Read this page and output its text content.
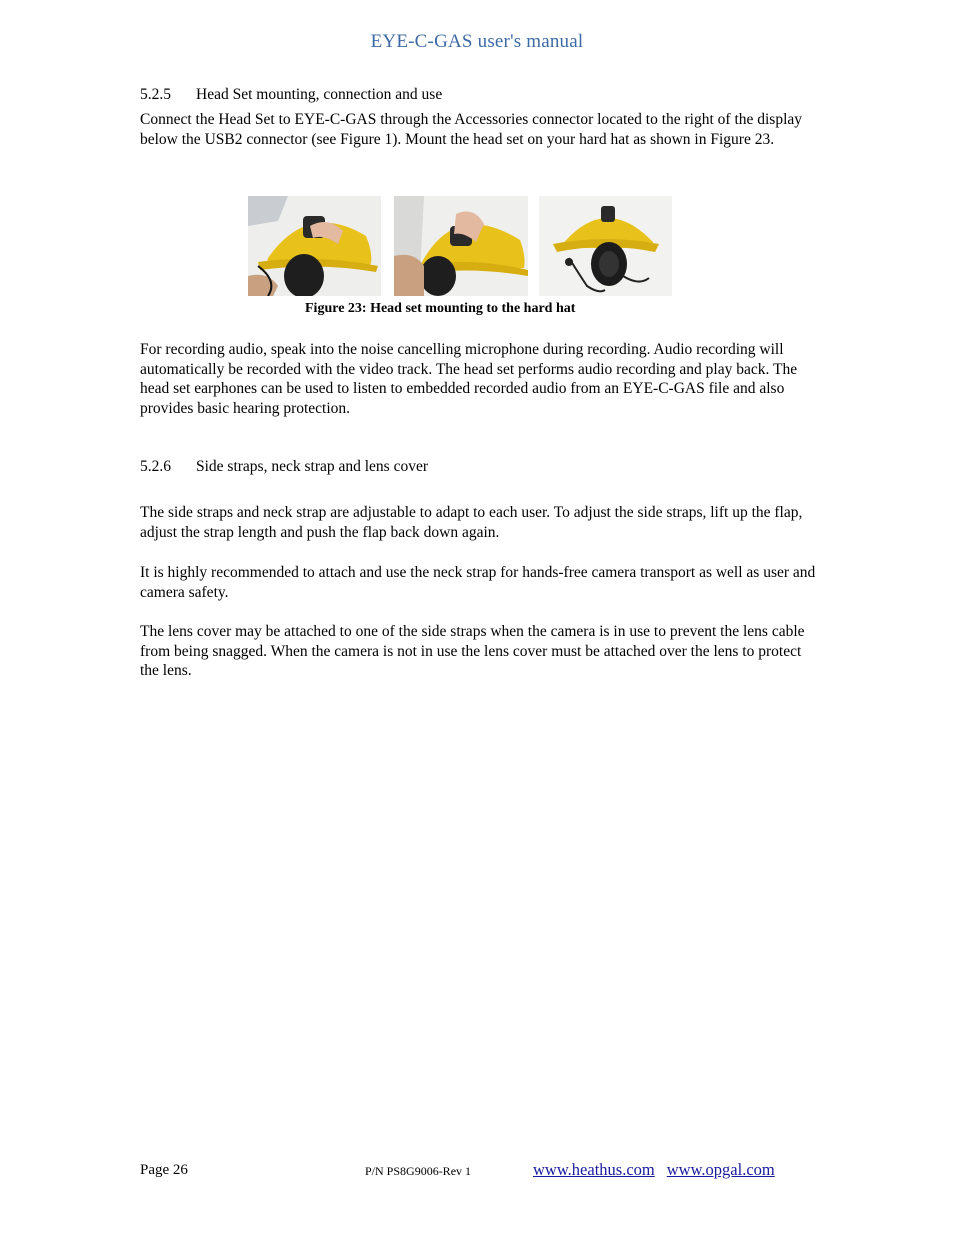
EYE-C-GAS user's manual
5.2.5 Head Set mounting, connection and use
Connect the Head Set to EYE-C-GAS through the Accessories connector located to the right of the display below the USB2 connector (see Figure 1). Mount the head set on your hard hat as shown in Figure 23.
Figure 23: Head set mounting to the hard hat
For recording audio, speak into the noise cancelling microphone during recording. Audio recording will automatically be recorded with the video track. The head set performs audio recording and play back. The head set earphones can be used to listen to embedded recorded audio from an EYE-C-GAS file and also provides basic hearing protection.
5.2.6 Side straps, neck strap and lens cover
The side straps and neck strap are adjustable to adapt to each user. To adjust the side straps, lift up the flap, adjust the strap length and push the flap back down again.
It is highly recommended to attach and use the neck strap for hands-free camera transport as well as user and camera safety.
The lens cover may be attached to one of the side straps when the camera is in use to prevent the lens cable from being snagged. When the camera is not in use the lens cover must be attached over the lens to protect the lens.
Page 26	P/N PS8G9006-Rev 1	www.heathus.com www.opgal.com
